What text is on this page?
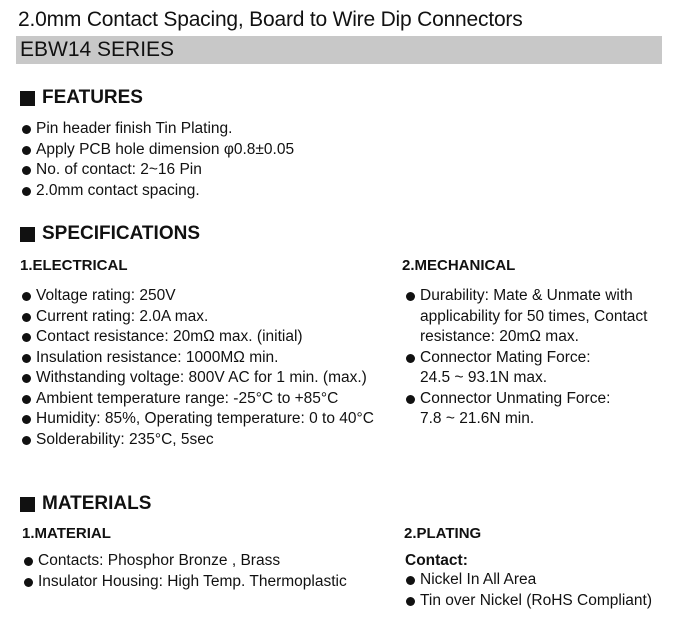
2.0mm Contact Spacing, Board to Wire Dip Connectors
EBW14 SERIES
FEATURES
Pin header finish Tin Plating.
Apply PCB hole dimension φ0.8±0.05
No. of contact: 2~16 Pin
2.0mm contact spacing.
SPECIFICATIONS
1.ELECTRICAL
Voltage rating: 250V
Current rating: 2.0A max.
Contact resistance: 20mΩ max. (initial)
Insulation resistance: 1000MΩ min.
Withstanding voltage: 800V AC for 1 min. (max.)
Ambient temperature range: -25°C to +85°C
Humidity: 85%, Operating temperature: 0 to 40°C
Solderability: 235°C, 5sec
2.MECHANICAL
Durability: Mate & Unmate with applicability for 50 times, Contact resistance: 20mΩ max.
Connector Mating Force: 24.5 ~ 93.1N max.
Connector Unmating Force: 7.8 ~ 21.6N min.
MATERIALS
1.MATERIAL
Contacts: Phosphor Bronze , Brass
Insulator Housing: High Temp. Thermoplastic
2.PLATING
Contact:
Nickel In All Area
Tin over Nickel (RoHS Compliant)
